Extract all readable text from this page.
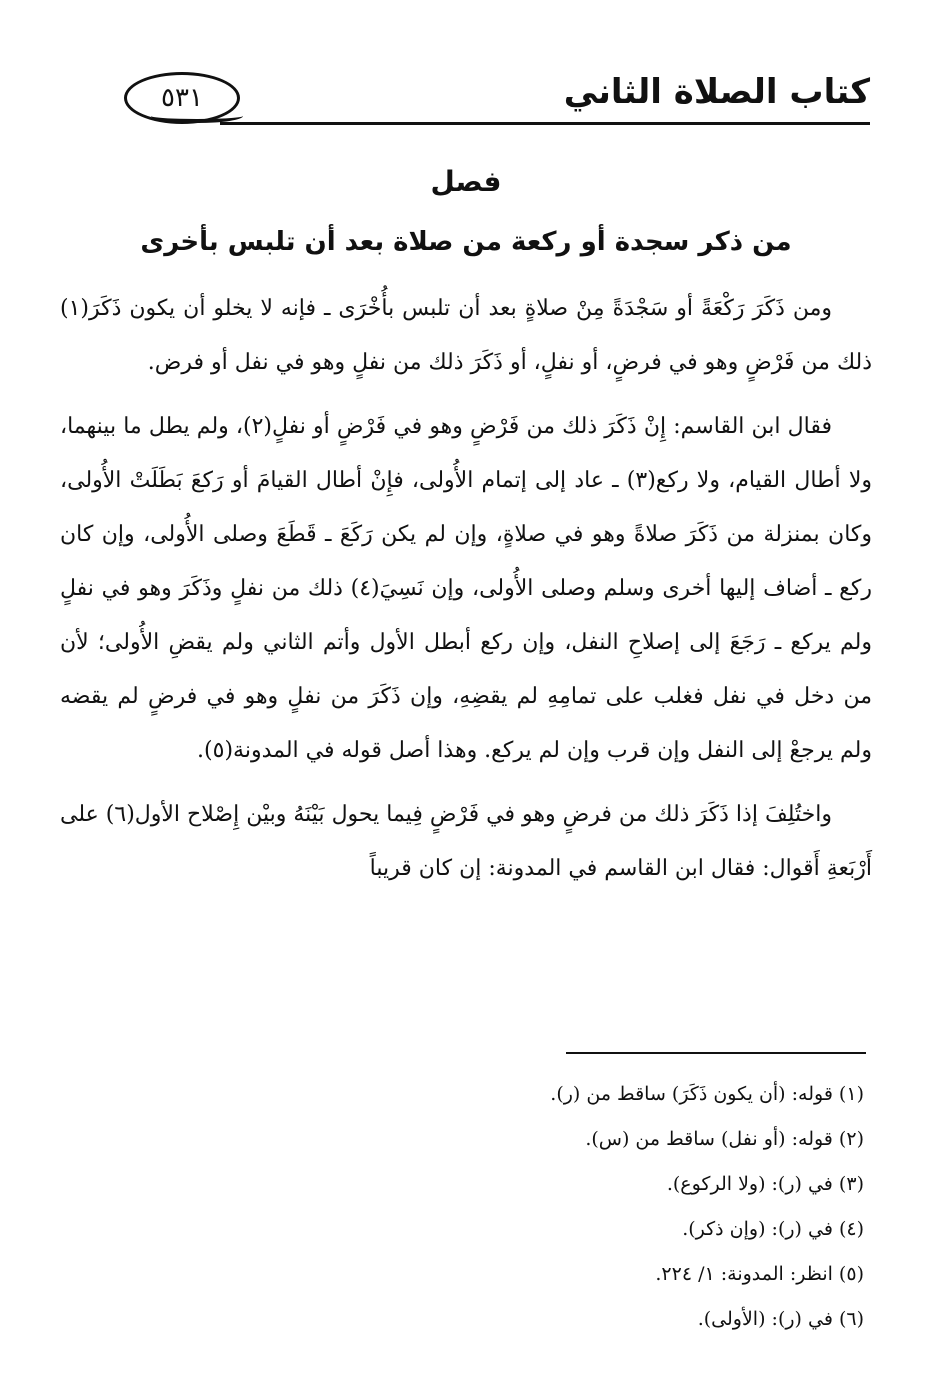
كتاب الصلاة الثاني
٥٣١
فصل
من ذكر سجدة أو ركعة من صلاة بعد أن تلبس بأخرى

ومن ذَكَرَ رَكْعَةً أو سَجْدَةً مِنْ صلاةٍ بعد أن تلبس بأُخْرَى ـ فإنه لا يخلو أن يكون ذَكَرَ(١) ذلك من فَرْضٍ وهو في فرضٍ، أو نفلٍ، أو ذَكَرَ ذلك من نفلٍ وهو في نفل أو فرض.

فقال ابن القاسم: إِنْ ذَكَرَ ذلك من فَرْضٍ وهو في فَرْضٍ أو نفلٍ(٢)، ولم يطل ما بينهما، ولا أطال القيام، ولا ركع(٣) ـ عاد إلى إتمام الأُولى، فإِنْ أطال القيامَ أو رَكعَ بَطَلَتْ الأُولى، وكان بمنزلة من ذَكَرَ صلاةً وهو في صلاةٍ، وإن لم يكن رَكَعَ ـ قَطَعَ وصلى الأُولى، وإن كان ركع ـ أضاف إليها أخرى وسلم وصلى الأُولى، وإن نَسِيَ(٤) ذلك من نفلٍ وذَكَرَ وهو في نفلٍ ولم يركع ـ رَجَعَ إلى إصلاحِ النفل، وإن ركع أبطل الأول وأتم الثاني ولم يقضِ الأُولى؛ لأن من دخل في نفل فغلب على تمامِهِ لم يقضِهِ، وإن ذَكَرَ من نفلٍ وهو في فرضٍ لم يقضه ولم يرجعْ إلى النفل وإن قرب وإن لم يركع. وهذا أصل قوله في المدونة(٥).

واختُلِفَ إذا ذَكَرَ ذلك من فرضٍ وهو في فَرْضٍ فِيما يحول بَيْنَهُ وبيْن إِصْلاح الأول(٦) على أَرْبَعةِ أَقوال: فقال ابن القاسم في المدونة: إن كان قريباً

(١) قوله: (أن يكون ذَكَرَ) ساقط من (ر).
(٢) قوله: (أو نفل) ساقط من (س).
(٣) في (ر): (ولا الركوع).
(٤) في (ر): (وإن ذكر).
(٥) انظر: المدونة: ١/ ٢٢٤.
(٦) في (ر): (الأولى).
